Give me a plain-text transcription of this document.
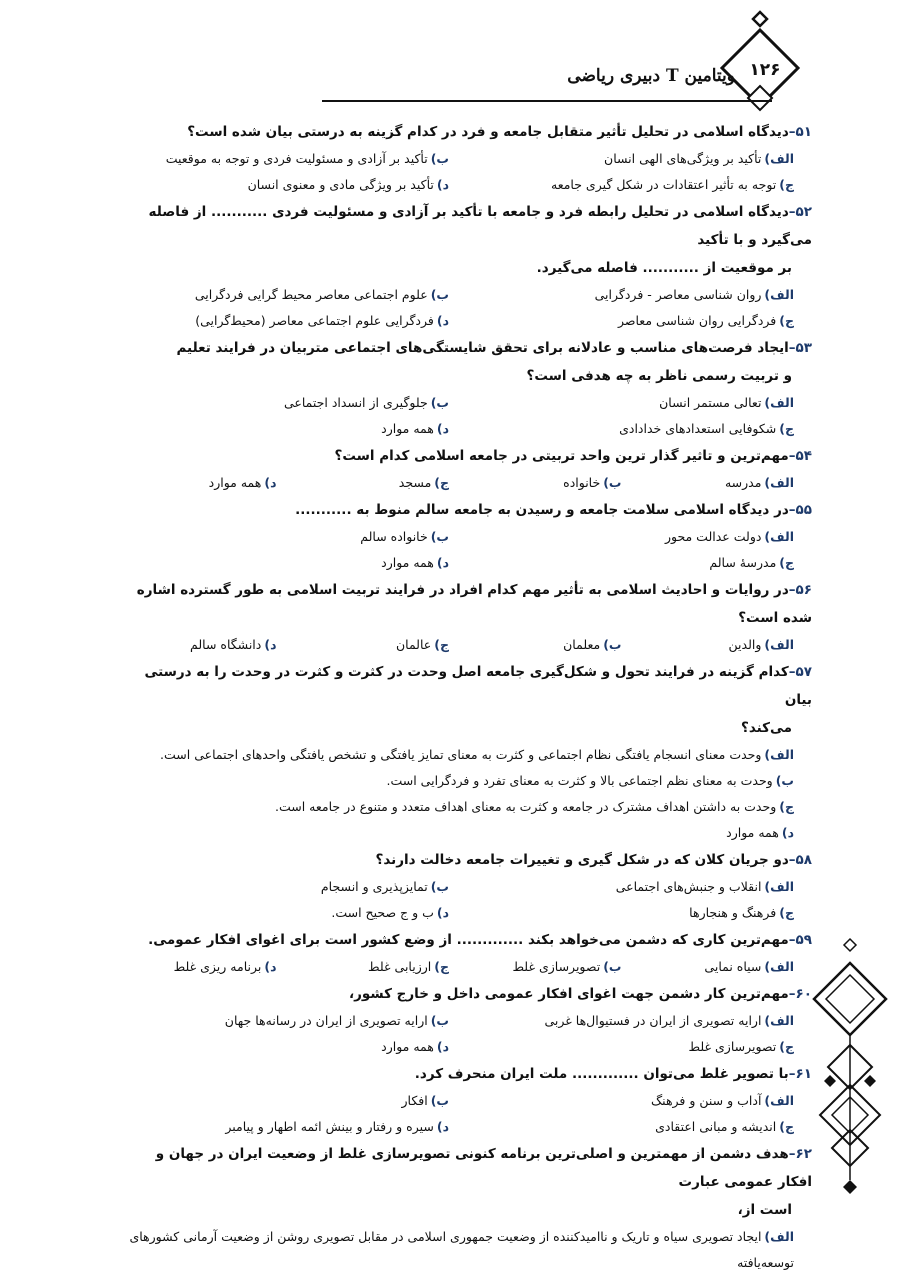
۱۲۶
ویتامین T دبیری ریاضی
۵۱–دیدگاه اسلامی در تحلیل تأثیر متقابل جامعه و فرد در کدام گزینه به درستی بیان شده است؟
الف)تأکید بر ویژگی‌های الهی انسان
ب)تأکید بر آزادی و مسئولیت فردی و توجه به موقعیت
ج)توجه به تأثیر اعتقادات در شکل گیری جامعه
د)تأکید بر ویژگی مادی و معنوی انسان
۵۲–دیدگاه اسلامی در تحلیل رابطه فرد و جامعه با تأکید بر آزادی و مسئولیت فردی ........... از فاصله می‌گیرد و با تأکید
بر موقعیت از ........... فاصله می‌گیرد.
الف)روان شناسی معاصر - فردگرایی
ب)علوم اجتماعی معاصر محیط گرایی فردگرایی
ج)فردگرایی روان شناسی معاصر
د)فردگرایی علوم اجتماعی معاصر (محیط‌گرایی)
۵۳–ایجاد فرصت‌های مناسب و عادلانه برای تحقق شایستگی‌های اجتماعی متربیان در فرایند تعلیم
و تربیت رسمی ناظر به چه هدفی است؟
الف)تعالی مستمر انسان
ب)جلوگیری از انسداد اجتماعی
ج)شکوفایی استعدادهای خدادادی
د)همه موارد
۵۴–مهم‌ترین و تاثیر گذار ترین واحد تربیتی در جامعه اسلامی کدام است؟
الف)مدرسه
ب)خانواده
ج)مسجد
د)همه موارد
۵۵–در دیدگاه اسلامی سلامت جامعه و رسیدن به جامعه سالم منوط به ...........
الف)دولت عدالت محور
ب)خانواده سالم
ج)مدرسهٔ سالم
د)همه موارد
۵۶–در روایات و احادیث اسلامی به تأثیر مهم کدام افراد در فرایند تربیت اسلامی به طور گسترده اشاره شده است؟
الف)والدین
ب)معلمان
ج)عالمان
د)دانشگاه سالم
۵۷–کدام گزینه در فرایند تحول و شکل‌گیری جامعه اصل وحدت در کثرت و کثرت در وحدت را به درستی بیان
می‌کند؟
الف)وحدت معنای انسجام یافتگی نظام اجتماعی و کثرت به معنای تمایز یافتگی و تشخص یافتگی واحدهای اجتماعی است.
ب)وحدت به معنای نظم اجتماعی بالا و کثرت به معنای تفرد و فردگرایی است.
ج)وحدت به داشتن اهداف مشترک در جامعه و کثرت به معنای اهداف متعدد و متنوع در جامعه است.
د)همه موارد
۵۸–دو جریان کلان که در شکل گیری و تغییرات جامعه دخالت دارند؟
الف)انقلاب و جنبش‌های اجتماعی
ب)تمایزپذیری و انسجام
ج)فرهنگ و هنجارها
د)ب و ج صحیح است.
۵۹–مهم‌ترین کاری که دشمن می‌خواهد بکند ............. از وضع کشور است برای اغوای افکار عمومی.
الف)سیاه نمایی
ب)تصویرسازی غلط
ج)ارزیابی غلط
د)برنامه ریزی غلط
۶۰–مهم‌ترین کار دشمن جهت اغوای افکار عمومی داخل و خارج کشور،
الف)ارایه تصویری از ایران در فستیوال‌ها غربی
ب)ارایه تصویری از ایران در رسانه‌ها جهان
ج)تصویرسازی غلط
د)همه موارد
۶۱–با تصویر غلط می‌توان ............. ملت ایران منحرف کرد.
الف)آداب و سنن و فرهنگ
ب)افکار
ج)اندیشه و مبانی اعتقادی
د)سیره و رفتار و بینش ائمه اطهار و پیامبر
۶۲–هدف دشمن از مهمترین و اصلی‌ترین برنامه کنونی تصویرسازی غلط از وضعیت ایران در جهان و افکار عمومی عبارت
است از،
الف)ایجاد تصویری سیاه و تاریک و ناامیدکننده از وضعیت جمهوری اسلامی در مقابل تصویری روشن از وضعیت آرمانی کشورهای توسعه‌یافته
